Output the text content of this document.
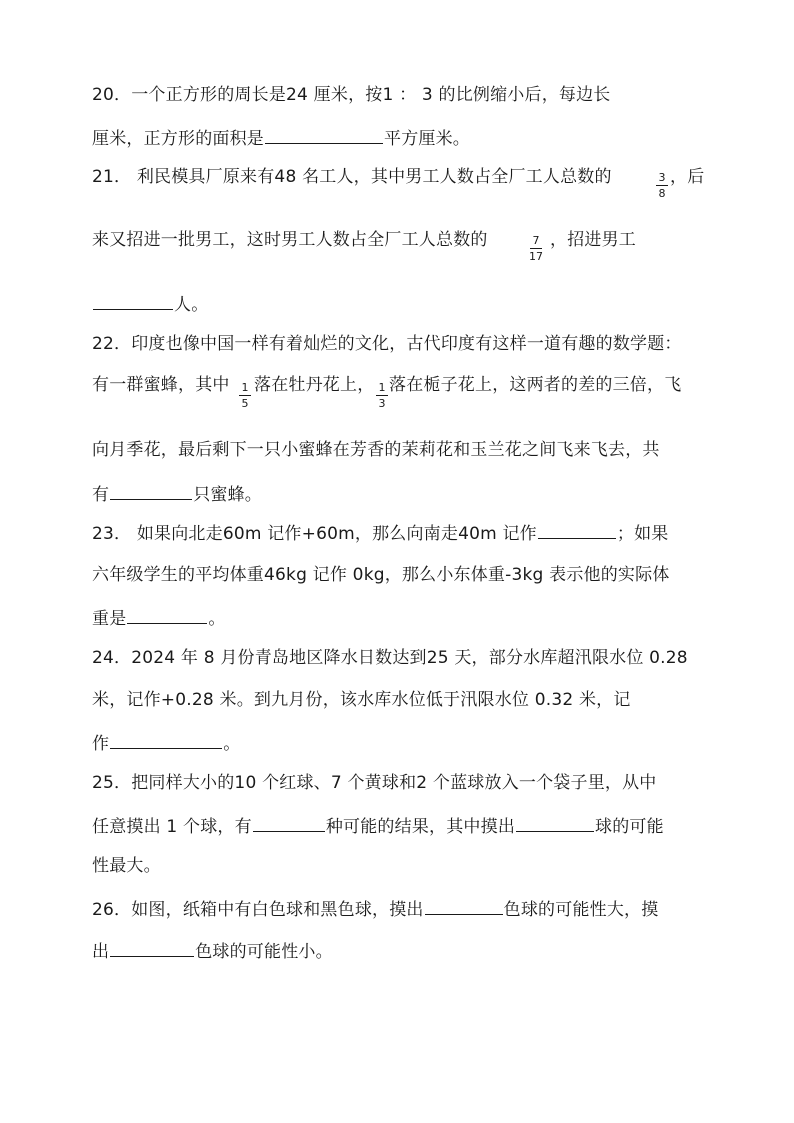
20．一个正方形的周长是24 厘米，按1 ： 3 的比例缩小后，每边长
厘米，正方形的面积是	平方厘米。
21． 利民模具厂原来有48 名工人，其中男工人数占全厂工人总数的	3
8
，后
来又招进一批男工，这时男工人数占全厂工人总数的	7
17
，招进男工
人。
22．印度也像中国一样有着灿烂的文化，古代印度有这样一道有趣的数学题：
有一群蜜蜂，其中	1
5
落在牡丹花上， 1
3
落在栀子花上，这两者的差的三倍，飞
向月季花，最后剩下一只小蜜蜂在芳香的茉莉花和玉兰花之间飞来飞去，共
有	只蜜蜂。
23． 如果向北走60m 记作+60m，那么向南走40m 记作	；如果
六年级学生的平均体重46kg 记作 0kg，那么小东体重-3kg 表示他的实际体
重是	。
24．2024 年 8 月份青岛地区降水日数达到25 天，部分水库超汛限水位 0.28
米，记作+0.28 米。到九月份，该水库水位低于汛限水位 0.32 米，记
作	。
25．把同样大小的10 个红球、7 个黄球和2 个蓝球放入一个袋子里，从中
任意摸出 1 个球，有	种可能的结果，其中摸出	球的可能
性最大。
26．如图，纸箱中有白色球和黑色球，摸出	色球的可能性大，摸
出	色球的可能性小。
